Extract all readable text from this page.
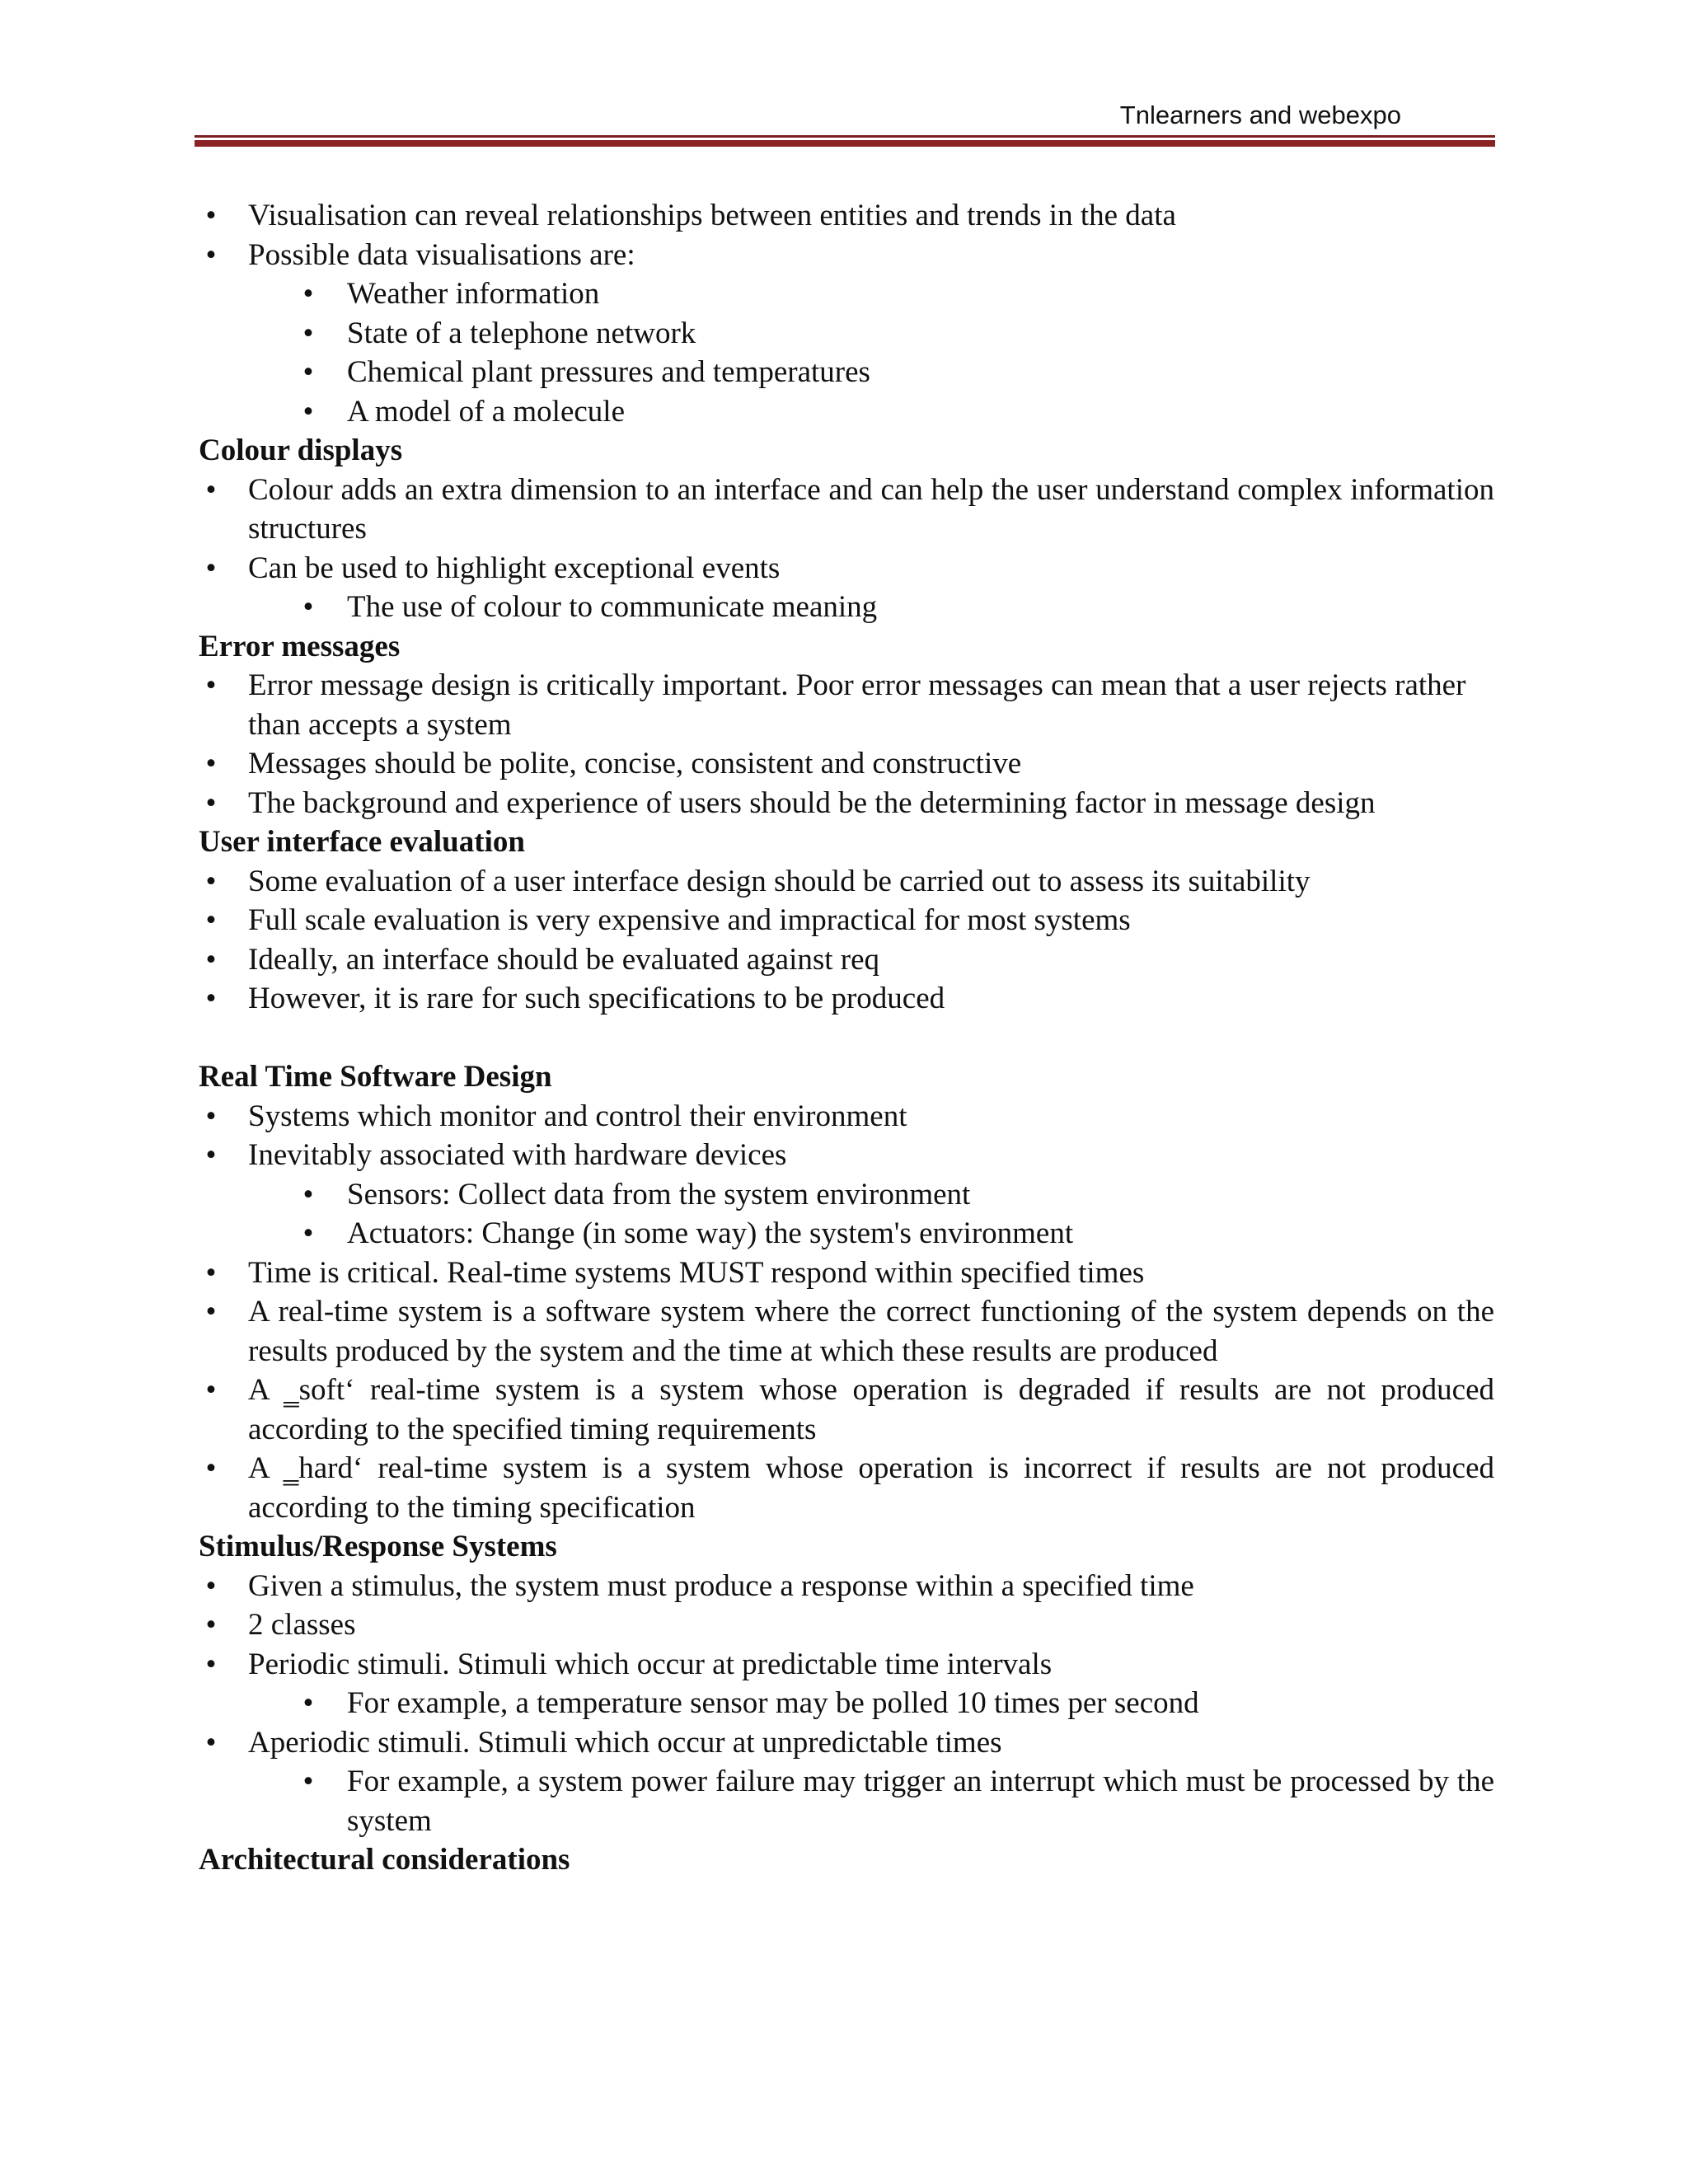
Tnlearners and webexpo
• Visualisation can reveal relationships between entities and trends in the data
• Possible data visualisations are:
• Weather information
• State of a telephone network
• Chemical plant pressures and temperatures
• A model of a molecule
Colour displays
• Colour adds an extra dimension to an interface and can help the user understand complex information structures
• Can be used to highlight exceptional events
• The use of colour to communicate meaning
Error messages
• Error message design is critically important. Poor error messages can mean that a user rejects rather than accepts a system
• Messages should be polite, concise, consistent and constructive
• The background and experience of users should be the determining factor in message design
User interface evaluation
• Some evaluation of a user interface design should be carried out to assess its suitability
• Full scale evaluation is very expensive and impractical for most systems
• Ideally, an interface should be evaluated against req
• However, it is rare for such specifications to be produced
Real Time Software Design
• Systems which monitor and control their environment
• Inevitably associated with hardware devices
• Sensors: Collect data from the system environment
• Actuators: Change (in some way) the system's environment
• Time is critical. Real-time systems MUST respond within specified times
• A real-time system is a software system where the correct functioning of the system depends on the results produced by the system and the time at which these results are produced
• A ‗soft‘ real-time system is a system whose operation is degraded if results are not produced according to the specified timing requirements
• A ‗hard‘ real-time system is a system whose operation is incorrect if results are not produced according to the timing specification
Stimulus/Response Systems
• Given a stimulus, the system must produce a response within a specified time
• 2 classes
• Periodic stimuli. Stimuli which occur at predictable time intervals
• For example, a temperature sensor may be polled 10 times per second
• Aperiodic stimuli. Stimuli which occur at unpredictable times
• For example, a system power failure may trigger an interrupt which must be processed by the system
Architectural considerations
